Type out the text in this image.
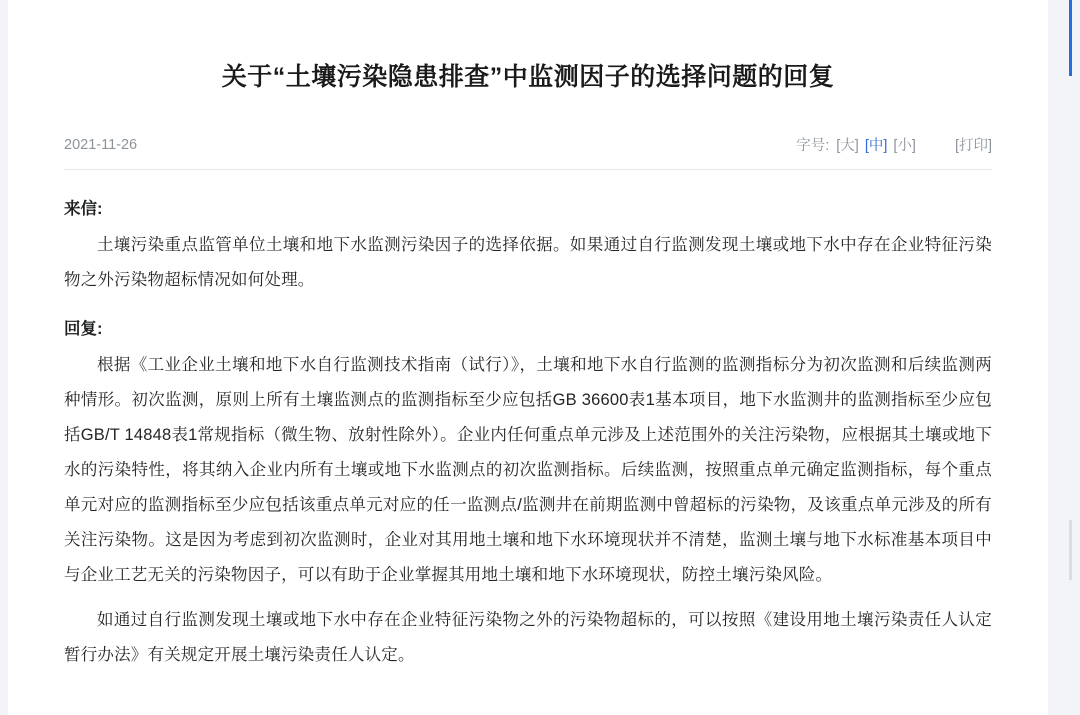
关于“土壤污染隐患排查”中监测因子的选择问题的回复
2021-11-26	字号: [大] [中] [小]	[打印]

来信:

土壤污染重点监管单位土壤和地下水监测污染因子的选择依据。如果通过自行监测发现土壤或地下水中存在企业特征污染物之外污染物超标情况如何处理。

回复:

根据《工业企业土壤和地下水自行监测技术指南（试行）》，土壤和地下水自行监测的监测指标分为初次监测和后续监测两种情形。初次监测，原则上所有土壤监测点的监测指标至少应包括GB 36600表1基本项目，地下水监测井的监测指标至少应包括GB/T 14848表1常规指标（微生物、放射性除外）。企业内任何重点单元涉及上述范围外的关注污染物，应根据其土壤或地下水的污染特性，将其纳入企业内所有土壤或地下水监测点的初次监测指标。后续监测，按照重点单元确定监测指标，每个重点单元对应的监测指标至少应包括该重点单元对应的任一监测点/监测井在前期监测中曾超标的污染物，及该重点单元涉及的所有关注污染物。这是因为考虑到初次监测时，企业对其用地土壤和地下水环境现状并不清楚，监测土壤与地下水标准基本项目中与企业工艺无关的污染物因子，可以有助于企业掌握其用地土壤和地下水环境现状，防控土壤污染风险。

如通过自行监测发现土壤或地下水中存在企业特征污染物之外的污染物超标的，可以按照《建设用地土壤污染责任人认定暂行办法》有关规定开展土壤污染责任人认定。
